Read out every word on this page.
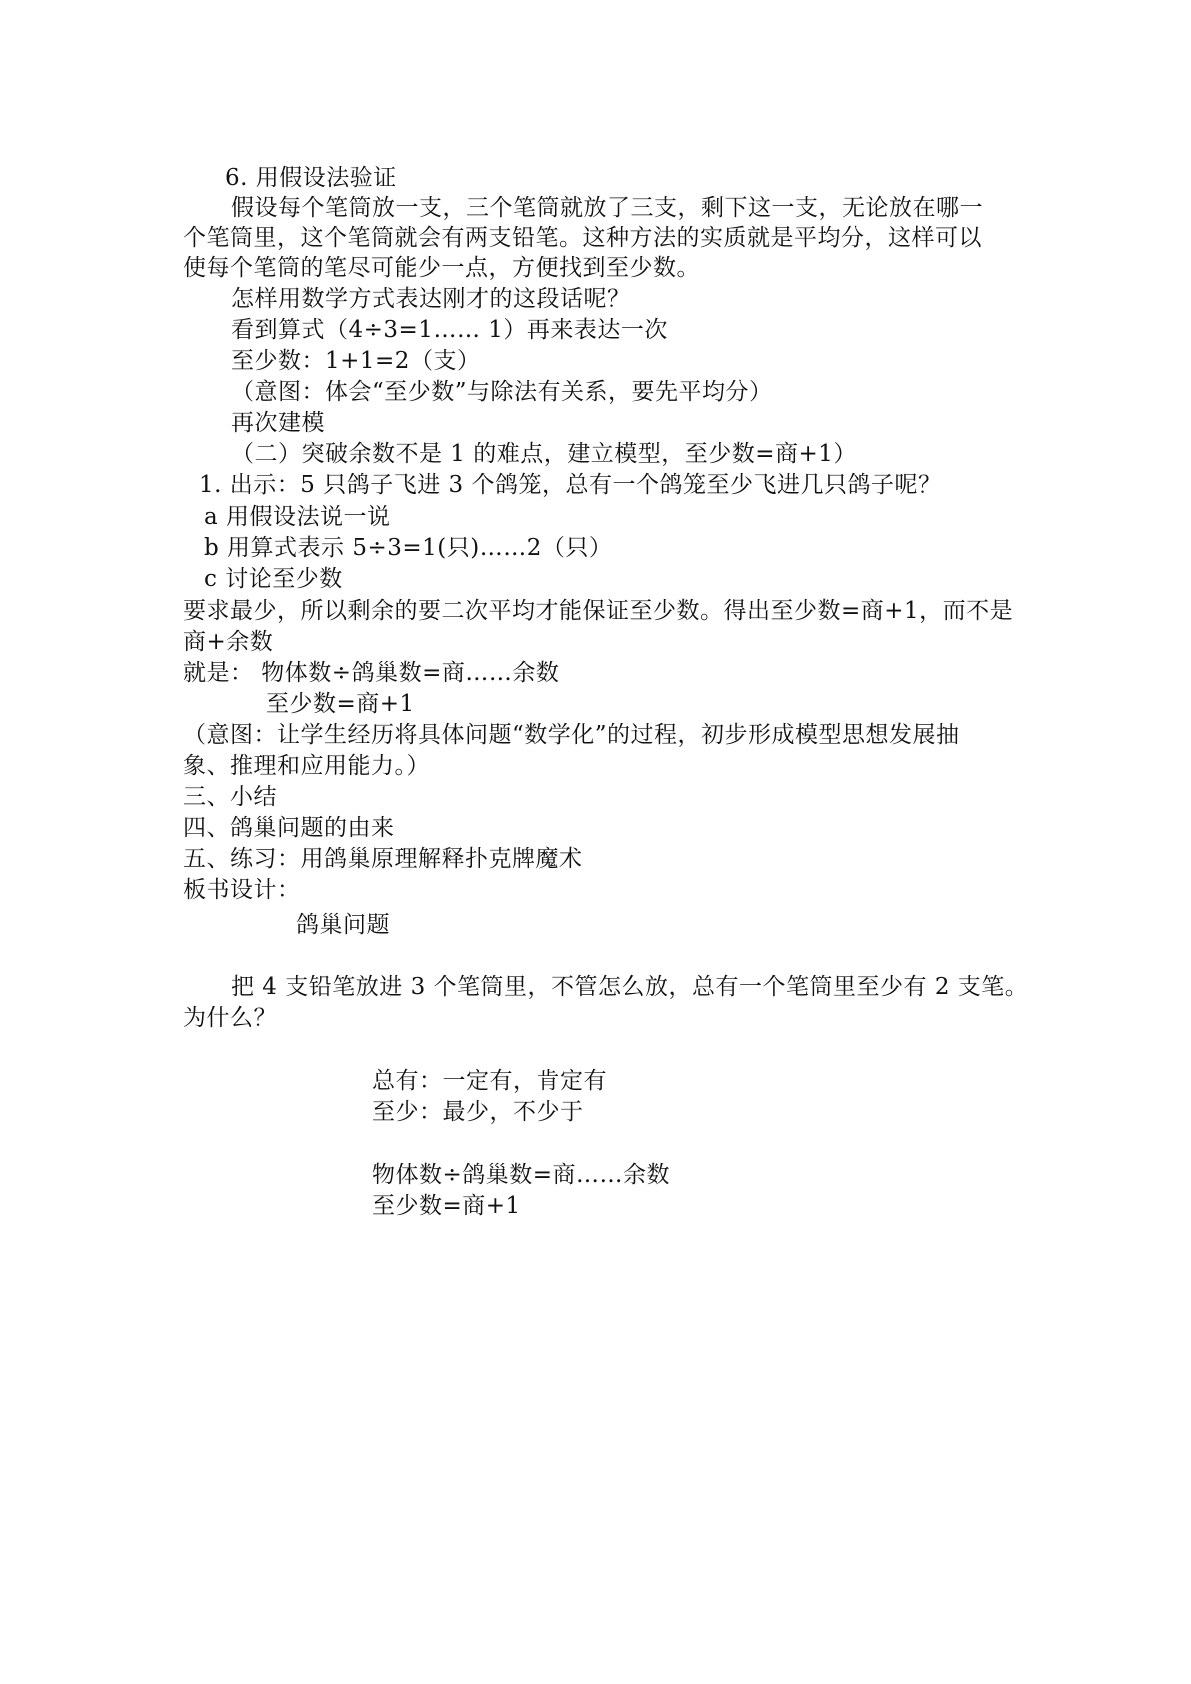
6. 用假设法验证
假设每个笔筒放一支，三个笔筒就放了三支，剩下这一支，无论放在哪一
个笔筒里，这个笔筒就会有两支铅笔。这种方法的实质就是平均分，这样可以
使每个笔筒的笔尽可能少一点，方便找到至少数。
怎样用数学方式表达刚才的这段话呢？
看到算式（4÷3=1…… 1）再来表达一次
至少数：1+1=2（支）
（意图：体会“至少数”与除法有关系，要先平均分）
再次建模
（二）突破余数不是 1 的难点，建立模型，至少数=商+1）
1. 出示：5 只鸽子飞进 3 个鸽笼，总有一个鸽笼至少飞进几只鸽子呢？
a 用假设法说一说
b 用算式表示 5÷3=1(只)……2（只）
c 讨论至少数
要求最少，所以剩余的要二次平均才能保证至少数。得出至少数=商+1，而不是
商+余数
就是： 物体数÷鸽巢数=商……余数
至少数=商+1
（意图：让学生经历将具体问题“数学化”的过程，初步形成模型思想发展抽
象、推理和应用能力。）
三、小结
四、鸽巢问题的由来
五、练习：用鸽巢原理解释扑克牌魔术
板书设计：
鸽巢问题
把 4 支铅笔放进 3 个笔筒里，不管怎么放，总有一个笔筒里至少有 2 支笔。
为什么？
总有：一定有，肯定有
至少：最少，不少于
物体数÷鸽巢数=商……余数
至少数=商+1
